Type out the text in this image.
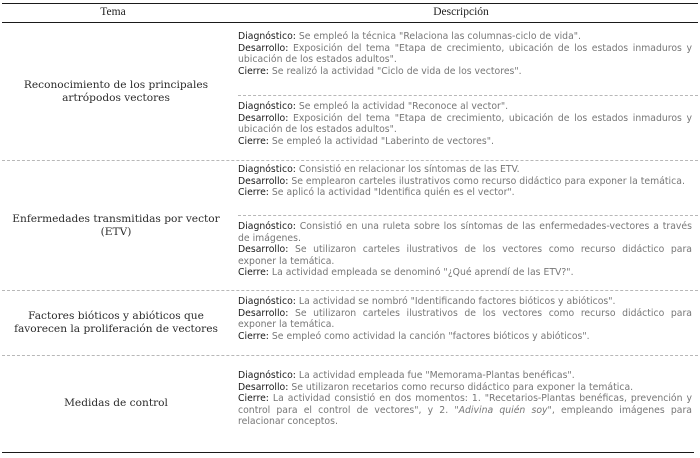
Tema	Descripción
Reconocimiento de los principales artrópodos vectores
Diagnóstico: Se empleó la técnica "Relaciona las columnas-ciclo de vida".
Desarrollo: Exposición del tema "Etapa de crecimiento, ubicación de los estados inmaduros y ubicación de los estados adultos".
Cierre: Se realizó la actividad "Ciclo de vida de los vectores".
Diagnóstico: Se empleó la actividad "Reconoce al vector".
Desarrollo: Exposición del tema "Etapa de crecimiento, ubicación de los estados inmaduros y ubicación de los estados adultos".
Cierre: Se empleó la actividad "Laberinto de vectores".
Enfermedades transmitidas por vector (ETV)
Diagnóstico: Consistió en relacionar los síntomas de las ETV.
Desarrollo: Se emplearon carteles ilustrativos como recurso didáctico para exponer la temática.
Cierre: Se aplicó la actividad "Identifica quién es el vector".
Diagnóstico: Consistió en una ruleta sobre los síntomas de las enfermedades-vectores a través de imágenes.
Desarrollo: Se utilizaron carteles ilustrativos de los vectores como recurso didáctico para exponer la temática.
Cierre: La actividad empleada se denominó "¿Qué aprendí de las ETV?".
Factores bióticos y abióticos que favorecen la proliferación de vectores
Diagnóstico: La actividad se nombró "Identificando factores bióticos y abióticos".
Desarrollo: Se utilizaron carteles ilustrativos de los vectores como recurso didáctico para exponer la temática.
Cierre: Se empleó como actividad la canción "factores bióticos y abióticos".
Medidas de control
Diagnóstico: La actividad empleada fue "Memorama-Plantas benéficas".
Desarrollo: Se utilizaron recetarios como recurso didáctico para exponer la temática.
Cierre: La actividad consistió en dos momentos: 1. "Recetarios-Plantas benéficas, prevención y control para el control de vectores", y 2. "Adivina quién soy", empleando imágenes para relacionar conceptos.
